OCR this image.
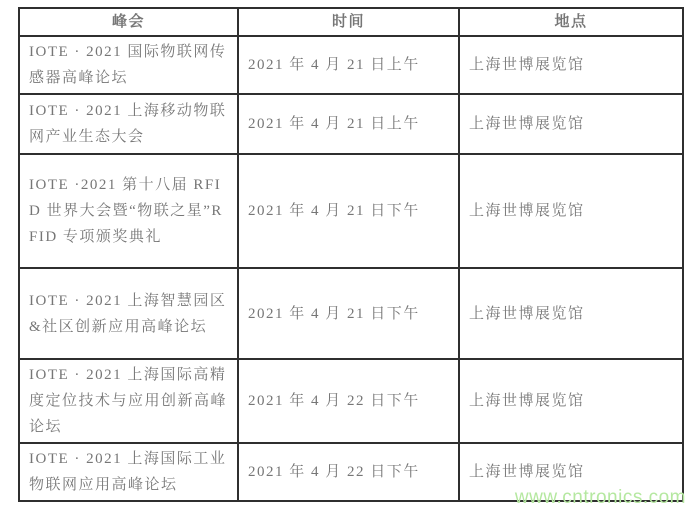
峰会	时间	地点
IOTE · 2021 国际物联网传感器高峰论坛	2021 年 4 月 21 日上午	上海世博展览馆
IOTE · 2021 上海移动物联网产业生态大会	2021 年 4 月 21 日上午	上海世博展览馆
IOTE ·2021 第十八届 RFID 世界大会暨“物联之星”RFID 专项颁奖典礼	2021 年 4 月 21 日下午	上海世博展览馆
IOTE · 2021 上海智慧园区&社区创新应用高峰论坛	2021 年 4 月 21 日下午	上海世博展览馆
IOTE · 2021 上海国际高精度定位技术与应用创新高峰论坛	2021 年 4 月 22 日下午	上海世博展览馆
IOTE · 2021 上海国际工业物联网应用高峰论坛	2021 年 4 月 22 日下午	上海世博展览馆
www.cntronics.com
